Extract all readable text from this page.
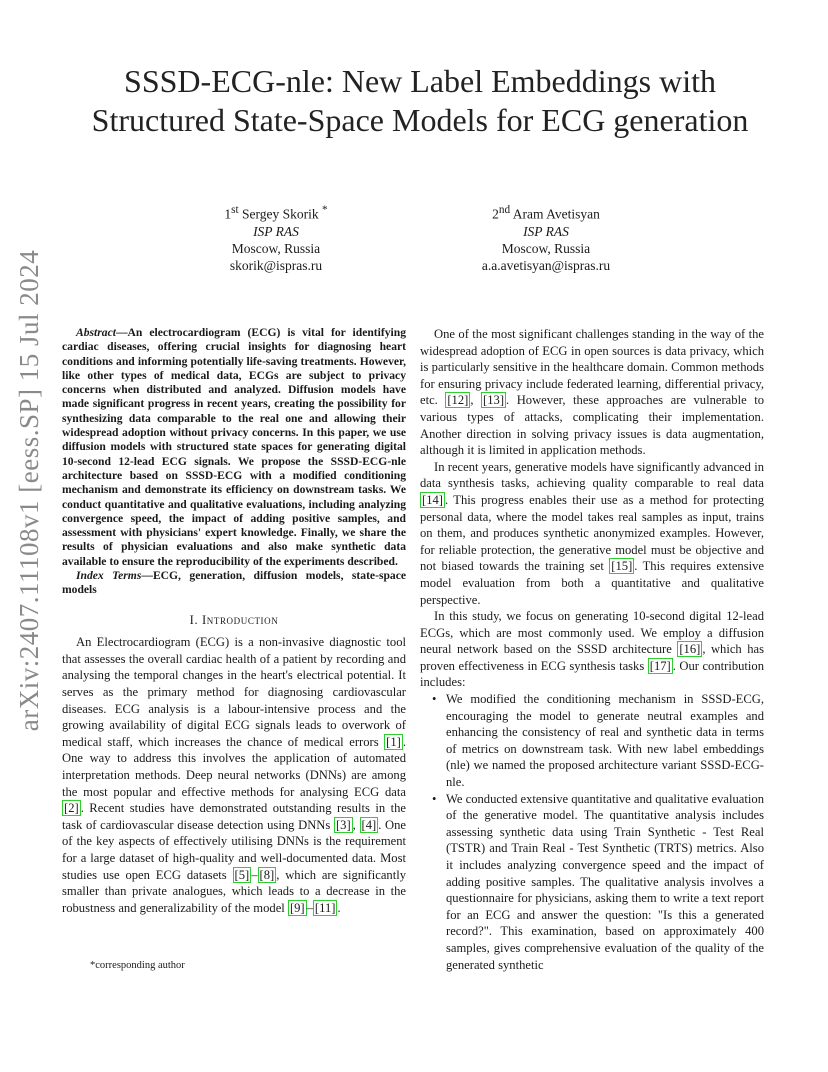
arXiv:2407.11108v1 [eess.SP] 15 Jul 2024
SSSD-ECG-nle: New Label Embeddings with Structured State-Space Models for ECG generation
1st Sergey Skorik *
ISP RAS
Moscow, Russia
skorik@ispras.ru
2nd Aram Avetisyan
ISP RAS
Moscow, Russia
a.a.avetisyan@ispras.ru

Abstract—An electrocardiogram (ECG) is vital for identifying cardiac diseases, offering crucial insights for diagnosing heart conditions and informing potentially life-saving treatments. However, like other types of medical data, ECGs are subject to privacy concerns when distributed and analyzed. Diffusion models have made significant progress in recent years, creating the possibility for synthesizing data comparable to the real one and allowing their widespread adoption without privacy concerns. In this paper, we use diffusion models with structured state spaces for generating digital 10-second 12-lead ECG signals. We propose the SSSD-ECG-nle architecture based on SSSD-ECG with a modified conditioning mechanism and demonstrate its efficiency on downstream tasks. We conduct quantitative and qualitative evaluations, including analyzing convergence speed, the impact of adding positive samples, and assessment with physicians' expert knowledge. Finally, we share the results of physician evaluations and also make synthetic data available to ensure the reproducibility of the experiments described.

Index Terms—ECG, generation, diffusion models, state-space models

I. Introduction

An Electrocardiogram (ECG) is a non-invasive diagnostic tool that assesses the overall cardiac health of a patient by recording and analysing the temporal changes in the heart's electrical potential. It serves as the primary method for diagnosing cardiovascular diseases. ECG analysis is a labour-intensive process and the growing availability of digital ECG signals leads to overwork of medical staff, which increases the chance of medical errors [1] . One way to address this involves the application of automated interpretation methods. Deep neural networks (DNNs) are among the most popular and effective methods for analysing ECG data [2] . Recent studies have demonstrated outstanding results in the task of cardiovascular disease detection using DNNs [3] , [4] . One of the key aspects of effectively utilising DNNs is the requirement for a large dataset of high-quality and well-documented data. Most studies use open ECG datasets [5] – [8] , which are significantly smaller than private analogues, which leads to a decrease in the robustness and generalizability of the model [9] – [11] .

*corresponding author

One of the most significant challenges standing in the way of the widespread adoption of ECG in open sources is data privacy, which is particularly sensitive in the healthcare domain. Common methods for ensuring privacy include federated learning, differential privacy, etc. [12] , [13] . However, these approaches are vulnerable to various types of attacks, complicating their implementation. Another direction in solving privacy issues is data augmentation, although it is limited in application methods.

In recent years, generative models have significantly advanced in data synthesis tasks, achieving quality comparable to real data [14] . This progress enables their use as a method for protecting personal data, where the model takes real samples as input, trains on them, and produces synthetic anonymized examples. However, for reliable protection, the generative model must be objective and not biased towards the training set [15] . This requires extensive model evaluation from both a quantitative and qualitative perspective.

In this study, we focus on generating 10-second digital 12-lead ECGs, which are most commonly used. We employ a diffusion neural network based on the SSSD architecture [16] , which has proven effectiveness in ECG synthesis tasks [17] . Our contribution includes:

• We modified the conditioning mechanism in SSSD-ECG, encouraging the model to generate neutral examples and enhancing the consistency of real and synthetic data in terms of metrics on downstream task. With new label embeddings (nle) we named the proposed architecture variant SSSD-ECG-nle.
• We conducted extensive quantitative and qualitative evaluation of the generative model. The quantitative analysis includes assessing synthetic data using Train Synthetic - Test Real (TSTR) and Train Real - Test Synthetic (TRTS) metrics. Also it includes analyzing convergence speed and the impact of adding positive samples. The qualitative analysis involves a questionnaire for physicians, asking them to write a text report for an ECG and answer the question: "Is this a generated record?". This examination, based on approximately 400 samples, gives comprehensive evaluation of the quality of the generated synthetic
